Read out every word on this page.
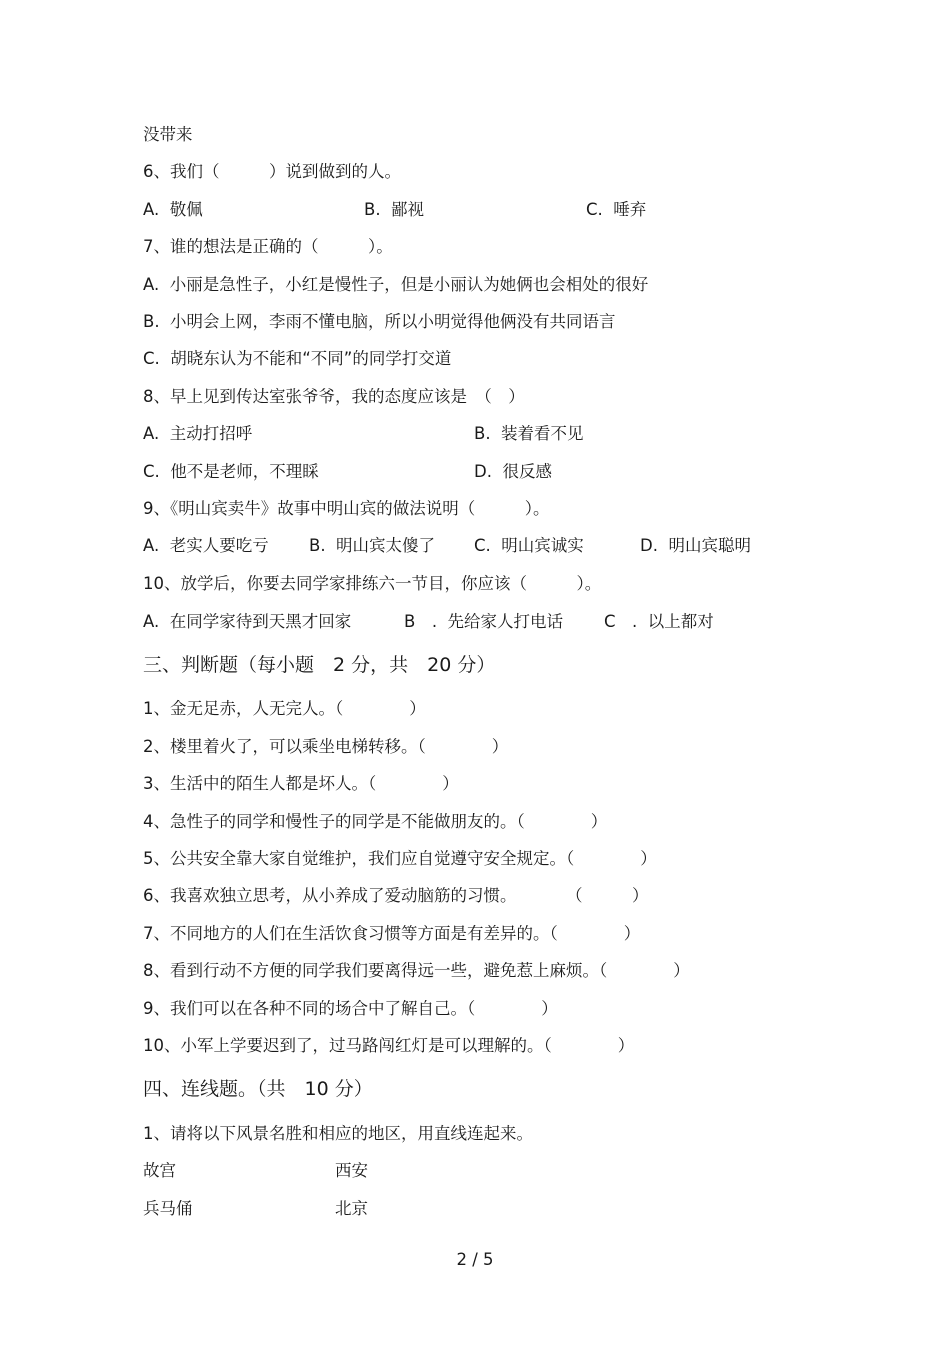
没带来
6、我们（　　　）说到做到的人。
A.  敬佩	B.  鄙视	C.  唾弃
7、谁的想法是正确的（　　　）。
A.  小丽是急性子，小红是慢性子，但是小丽认为她俩也会相处的很好
B.  小明会上网，李雨不懂电脑，所以小明觉得他俩没有共同语言
C.  胡晓东认为不能和“不同”的同学打交道
8、早上见到传达室张爷爷，我的态度应该是　（　）
A.  主动打招呼	B.  装着看不见
C.  他不是老师，不理睬	D.  很反感
9、《明山宾卖牛》故事中明山宾的做法说明（　　　）。
A.  老实人要吃亏 B.  明山宾太傻了 C.  明山宾诚实	D.  明山宾聪明
10、放学后，你要去同学家排练六一节目，你应该（　　　）。
A.  在同学家待到天黑才回家	B　.  先给家人打电话 C　.  以上都对
三、判断题（每小题　2 分，共　20 分）
1、金无足赤，人无完人。（　　　　）
2、楼里着火了，可以乘坐电梯转移。（　　　　）
3、生活中的陌生人都是坏人。（　　　　）
4、急性子的同学和慢性子的同学是不能做朋友的。（　　　　）
5、公共安全靠大家自觉维护，我们应自觉遵守安全规定。（　　　　）
6、我喜欢独立思考，从小养成了爱动脑筋的习惯。　　　　（　　　）
7、不同地方的人们在生活饮食习惯等方面是有差异的。（　　　　）
8、看到行动不方便的同学我们要离得远一些，避免惹上麻烦。（　　　　）
9、我们可以在各种不同的场合中了解自己。（　　　　）
10、小军上学要迟到了，过马路闯红灯是可以理解的。（　　　　）
四、连线题。（共　10 分）
1、请将以下风景名胜和相应的地区，用直线连起来。
故宫	西安
兵马俑	北京
2 / 5
